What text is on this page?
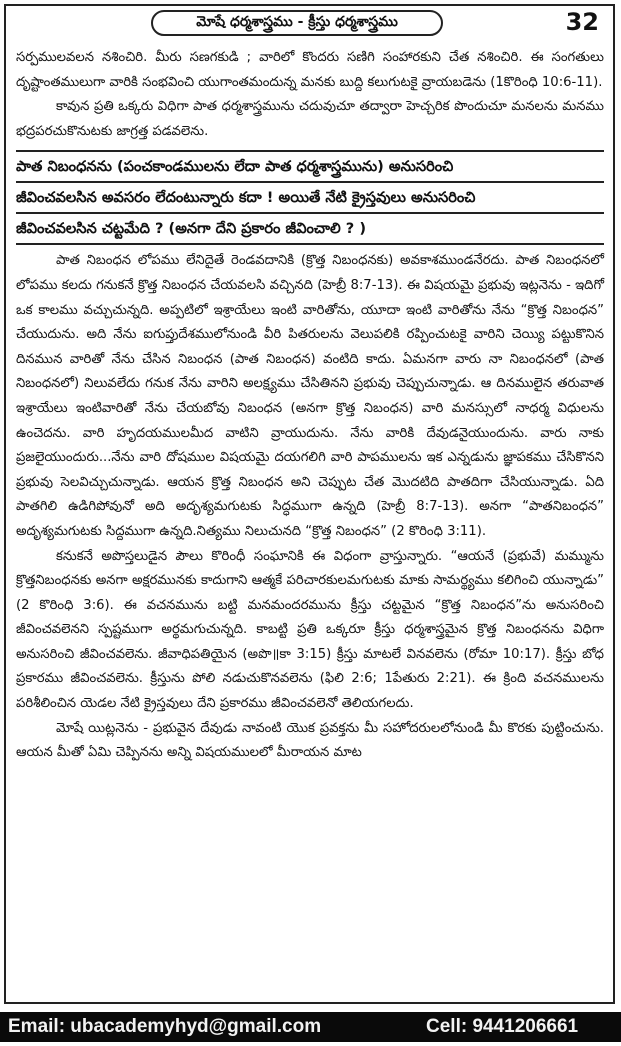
మోషే ధర్మశాస్త్రము - క్రీస్తు ధర్మశాస్త్రము	32

సర్పములవలన నశించిరి. మీరు సణగకుడి ; వారిలో కొందరు సణిగి సంహారకుని చేత నశించిరి. ఈ సంగతులు దృష్టాంతములుగా వారికి సంభవించి యుగాంతమందున్న మనకు బుద్ది కలుగుటకై వ్రాయబడెను (1కొరింధి 10:6-11).

కావున ప్రతి ఒక్కరు విధిగా పాత ధర్మశాస్త్రమును చదువుచూ తద్వారా హెచ్చరిక పొందుచూ మనలను మనము భద్రపరచుకొనుటకు జాగ్రత్త పడవలెను.

పాత నిబంధనను (పంచకాండములను లేదా పాత ధర్మశాస్త్రమును) అనుసరించి
జీవించవలసిన అవసరం లేదంటున్నారు కదా ! అయితే నేటి క్రైస్తవులు అనుసరించి
జీవించవలసిన చట్టమేది ? (అనగా దేని ప్రకారం జీవించాలి ? )

పాత నిబంధన లోపము లేనిదైతే రెండవదానికి (క్రొత్త నిబంధనకు) అవకాశముండనేరదు. పాత నిబంధనలో లోపము కలదు గనుకనే క్రొత్త నిబంధన చేయవలసి వచ్చినది (హెబ్రీ 8:7-13). ఈ విషయమై ప్రభువు ఇట్లనెను - ఇదిగో ఒక కాలము వచ్చుచున్నది. అప్పటిలో ఇశ్రాయేలు ఇంటి వారితోను, యూదా ఇంటి వారితోను నేను “క్రొత్త నిబంధన” చేయుదును. అది నేను ఐగుప్తుదేశములోనుండి వీరి పితరులను వెలుపలికి రప్పించుటకై వారిని చెయ్యి పట్టుకొనిన దినమున వారితో నేను చేసిన నిబంధన (పాత నిబంధన) వంటిది కాదు. ఏమనగా వారు నా నిబంధనలో (పాత నిబంధనలో) నిలువలేదు గనుక నేను వారిని అలక్ష్యము చేసితినని ప్రభువు చెప్పుచున్నాడు. ఆ దినములైన తరువాత ఇశ్రాయేలు ఇంటివారితో నేను చేయబోవు నిబంధన (అనగా క్రొత్త నిబంధన) వారి మనస్సులో నాధర్మ విధులను ఉంచెదను. వారి హృదయములమీద వాటిని వ్రాయుదును. నేను వారికి దేవుడనైయుందును. వారు నాకు ప్రజలైయుందురు...నేను వారి దోషముల విషయమై దయగలిగి వారి పాపములను ఇక ఎన్నడును జ్ఞాపకము చేసికొనని ప్రభువు సెలవిచ్చుచున్నాడు. ఆయన క్రొత్త నిబంధన అని చెప్పుట చేత మొదటిది పాతదిగా చేసియున్నాడు. ఏది పాతగిలి ఉడిగిపోవునో అది అదృశ్యమగుటకు సిద్ధముగా ఉన్నది (హెబ్రీ 8:7-13). అనగా “పాతనిబంధన” అదృశ్యమగుటకు సిద్దముగా ఉన్నది.నిత్యము నిలుచునది “క్రొత్త నిబంధన” (2 కొరింధి 3:11).

కనుకనే అపొస్తలుడైన పౌలు కొరింధీ సంఘానికి ఈ విధంగా వ్రాస్తున్నారు. “ఆయనే (ప్రభువే) మమ్మును క్రొత్తనిబంధనకు అనగా అక్షరమునకు కాదుగాని ఆత్మకే పరిచారకులమగుటకు మాకు సామర్థ్యము కలిగించి యున్నాడు” (2 కొరింధి 3:6). ఈ వచనమును బట్టి మనమందరమును క్రీస్తు చట్టమైన “క్రొత్త నిబంధన”ను అనుసరించి జీవించవలెనని స్పష్టముగా అర్థమగుచున్నది. కాబట్టి ప్రతి ఒక్కరూ క్రీస్తు ధర్మశాస్త్రమైన క్రొత్త నిబంధనను విధిగా అనుసరించి జీవించవలెను. జీవాధిపతియైన (అపొ॥కా 3:15) క్రీస్తు మాటలే వినవలెను (రోమా 10:17). క్రీస్తు బోధ ప్రకారము జీవించవలెను. క్రీస్తును పోలి నడుచుకొనవలెను (ఫిలి 2:6; 1పేతురు 2:21). ఈ క్రింది వచనములను పరిశీలించిన యెడల నేటి క్రైస్తవులు దేని ప్రకారము జీవించవలెనో తెలియగలదు.

మోషే యిట్లనెను - ప్రభువైన దేవుడు నావంటి యొక ప్రవక్తను మీ సహోదరులలోనుండి మీ కొరకు పుట్టించును. ఆయన మీతో ఏమి చెప్పినను అన్ని విషయములలో మీరాయన మాట

Email: ubacademyhyd@gmail.com	Cell: 9441206661
